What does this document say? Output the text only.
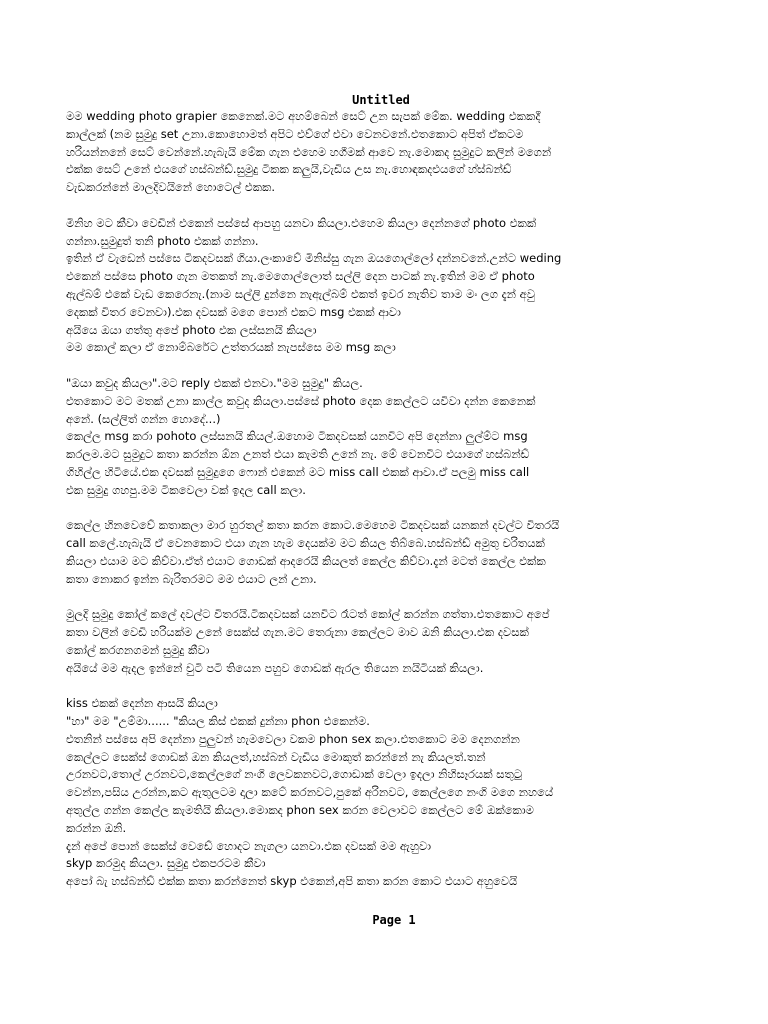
Untitled
මම wedding photo grapier කෙනෙක්.මට අහම්බෙන් සෙට් උන සැපක් මේක. wedding එකකදී
කාල්ලක් (නම සුමුදු set උනා.කොහොමත් අපිට එව්ගේ එවා වෙනවනේ.එතකොට අපිත් ඒකටම
හරියන්නනේ සෙට් වෙන්නේ.හැබැයි මේක ගැන එහෙම හගීමක් ආවෙ නැ.මොකද සුමුදුට කලින් මගෙන්
එක්ක සෙට් උනේ එයගේ හස්බන්ඩ්.සුමුදු ටිකක කලුයි,වැඩිය උස නැ.හොඳකදඑයගේ හ්ස්බන්ඩ්
වැඩකරන්නේ මාලදිවයිනේ හොටෙල් එකක.
මිනිහ මට කීවා වෙඩින් එකෙන් පස්සේ ආපහු යනවා කියලා.එහෙම කියලා දෙන්නගේ photo එකක්
ගන්නා.සුමුදුත් තනි photo එකක් ගන්නා.
ඉතින් ඒ වැඩෙන් පස්සෙ ටිකදවසක් ගියා.ලංකාවේ මිනිස්සු ගැන ඔයගොල්ලෝ දන්නවනේ.උන්ට weding
එකෙන් පස්සෙ photo ගැන මතකත් නැ.මෙගොල්ලොත් සල්ලි දෙන පාටක් නැ.ඉතින් මම ඒ photo
ඇල්බම් එකේ වැඩ කෙරෙනැ.(නාම සල්ලි දුන්නෙ නැඇල්බම් එකත් ඉවර නැතිව තාම මං ලග දැන් අවු
දෙකක් විතර වෙනවා).එක දවසක් මගෙ පොන් එකට msg එකක් ආවා
අයියෙ ඔයා ගත්තු අපේ photo එක ලස්සනයි කියලා
මම කොල් කලා ඒ නොම්බරේට උත්තරයක් නැපස්සෙ මම msg කලා
"ඔයා කවුද කියලා".මට reply එකක් එනවා."මම සුමුදු" කියල.
එතකොට මට මතක් උනා කාල්ල කවුද කියලා.පස්සේ photo දෙක කෙල්ලට යවිවා දන්න කෙනෙක්
අනේ. (සල්ලිත් ගන්න හොදේ...)
කෙල්ල msg කරා pohoto ලස්සනයි කියල්.ඔහොම ටිකදවසක් යනවිට අපි දෙන්නා ලුල්ම්ට msg
කරලම.මට සුමුදුට කතා කරන්න ඕන උනත් එයා කැමති උනේ නැ. මේ වෙනවිට එයාගේ හස්බන්ඩ්
ගිහිල්ල හිටියේ.එක දවසක් සුමුදුගෙ ෆොන් එකෙන් මට miss call එකක් ආවා.ඒ පලමු miss call
එක සුමුදු ගහපු.මම ටිකවෙලා වක් ඉදල call කලා.
කෙල්ල හිනවෙවේ කතාකලා මාර හුරතල් කතා කරන කොට.මෙහෙම ටිකදවසක් යනකන් දවල්ට විතරයි
call කලේ.හැබැයි ඒ වෙනකොට එයා ගැන හැම දෙයක්ම මට කියල තිබ්බෙ.හස්බන්ඩ් අමුතු චරිතයක්
කියලා එයාම මට කිව්වා.ඒත් එයාට ගොඩක් ආදරෙයි කියලත් කෙල්ල කිව්වා.දැන් මටත් කෙල්ල එක්ක
කතා නොකර ඉන්න බැරිතරමට මම එයාට ලන් උනා.
මුලදි සුමුදු කෝල් කලේ දවල්ට විතරයි.ටිකදවසක් යනවිට රෑටත් කෝල් කරන්න ගත්තා.එතකොට අපේ
කතා වලින් වෙඩි හරියක්ම උනේ සෙක්ස් ගැන.මට තෙරුනා කෙල්ලට මාව ඔනි කියලා.එක දවසක්
කෝල් කරගනගමන් සුමුදු කීවා
අයියේ මම ඇදල ඉන්නේ චුටි පටි තියෙන පහුව ගොඩක් ඇරල තියෙන නයිටියක් කියලා.
kiss එකක් දෙන්න ආසයි කියලා
"හා" මම "උම්මා...... "කියල කිස් එකක් දුන්නා phon එකෙන්ම.
එතනින් පස්සෙ අපි දෙන්නා පුලුවන් හැමවෙලා වකම phon sex කලා.එතකොට මම දෙනගන්න
කෙල්ලට සෙක්ස් ගොඩක් ඔන කියලත්,හස්බන් වැඩිය මොකුත් කරන්නේ නැ කියලත්.තන්
උරනවට,තොල් උරනවට,කෙල්ලගේ නංගි ලෙවකනවට,ගොඩාක් වෙලා ඉදලා නිහිසෑරයක් සතුටු
වෙන්න,පසිය උරන්න,කට ඇතුලටම දාලා කටේ කරනවට,පුකේ අරිනවට, කෙල්ලගෙ නංගි මගෙ නහයේ
අතුල්ල ගන්න කෙල්ල කැමතියි කියලා.මොකද phon sex කරන වෙලාවට කෙල්ලට මේ ඔක්කොම
කරන්න ඔනි.
දැන් අපේ පොන් සෙක්ස් වෙඩේ හොදට නැගලා යනවා.එක දවසක් මම ඇහුවා
skyp කරමුද කියලා. සුමුදු එකපරටම කීවා
අපෝ බැ හස්බන්ඩ් එක්ක කතා කරන්නෙත් skyp එකෙන්,අපි කතා කරන කොට එයාට අහුවෙයි
Page 1
